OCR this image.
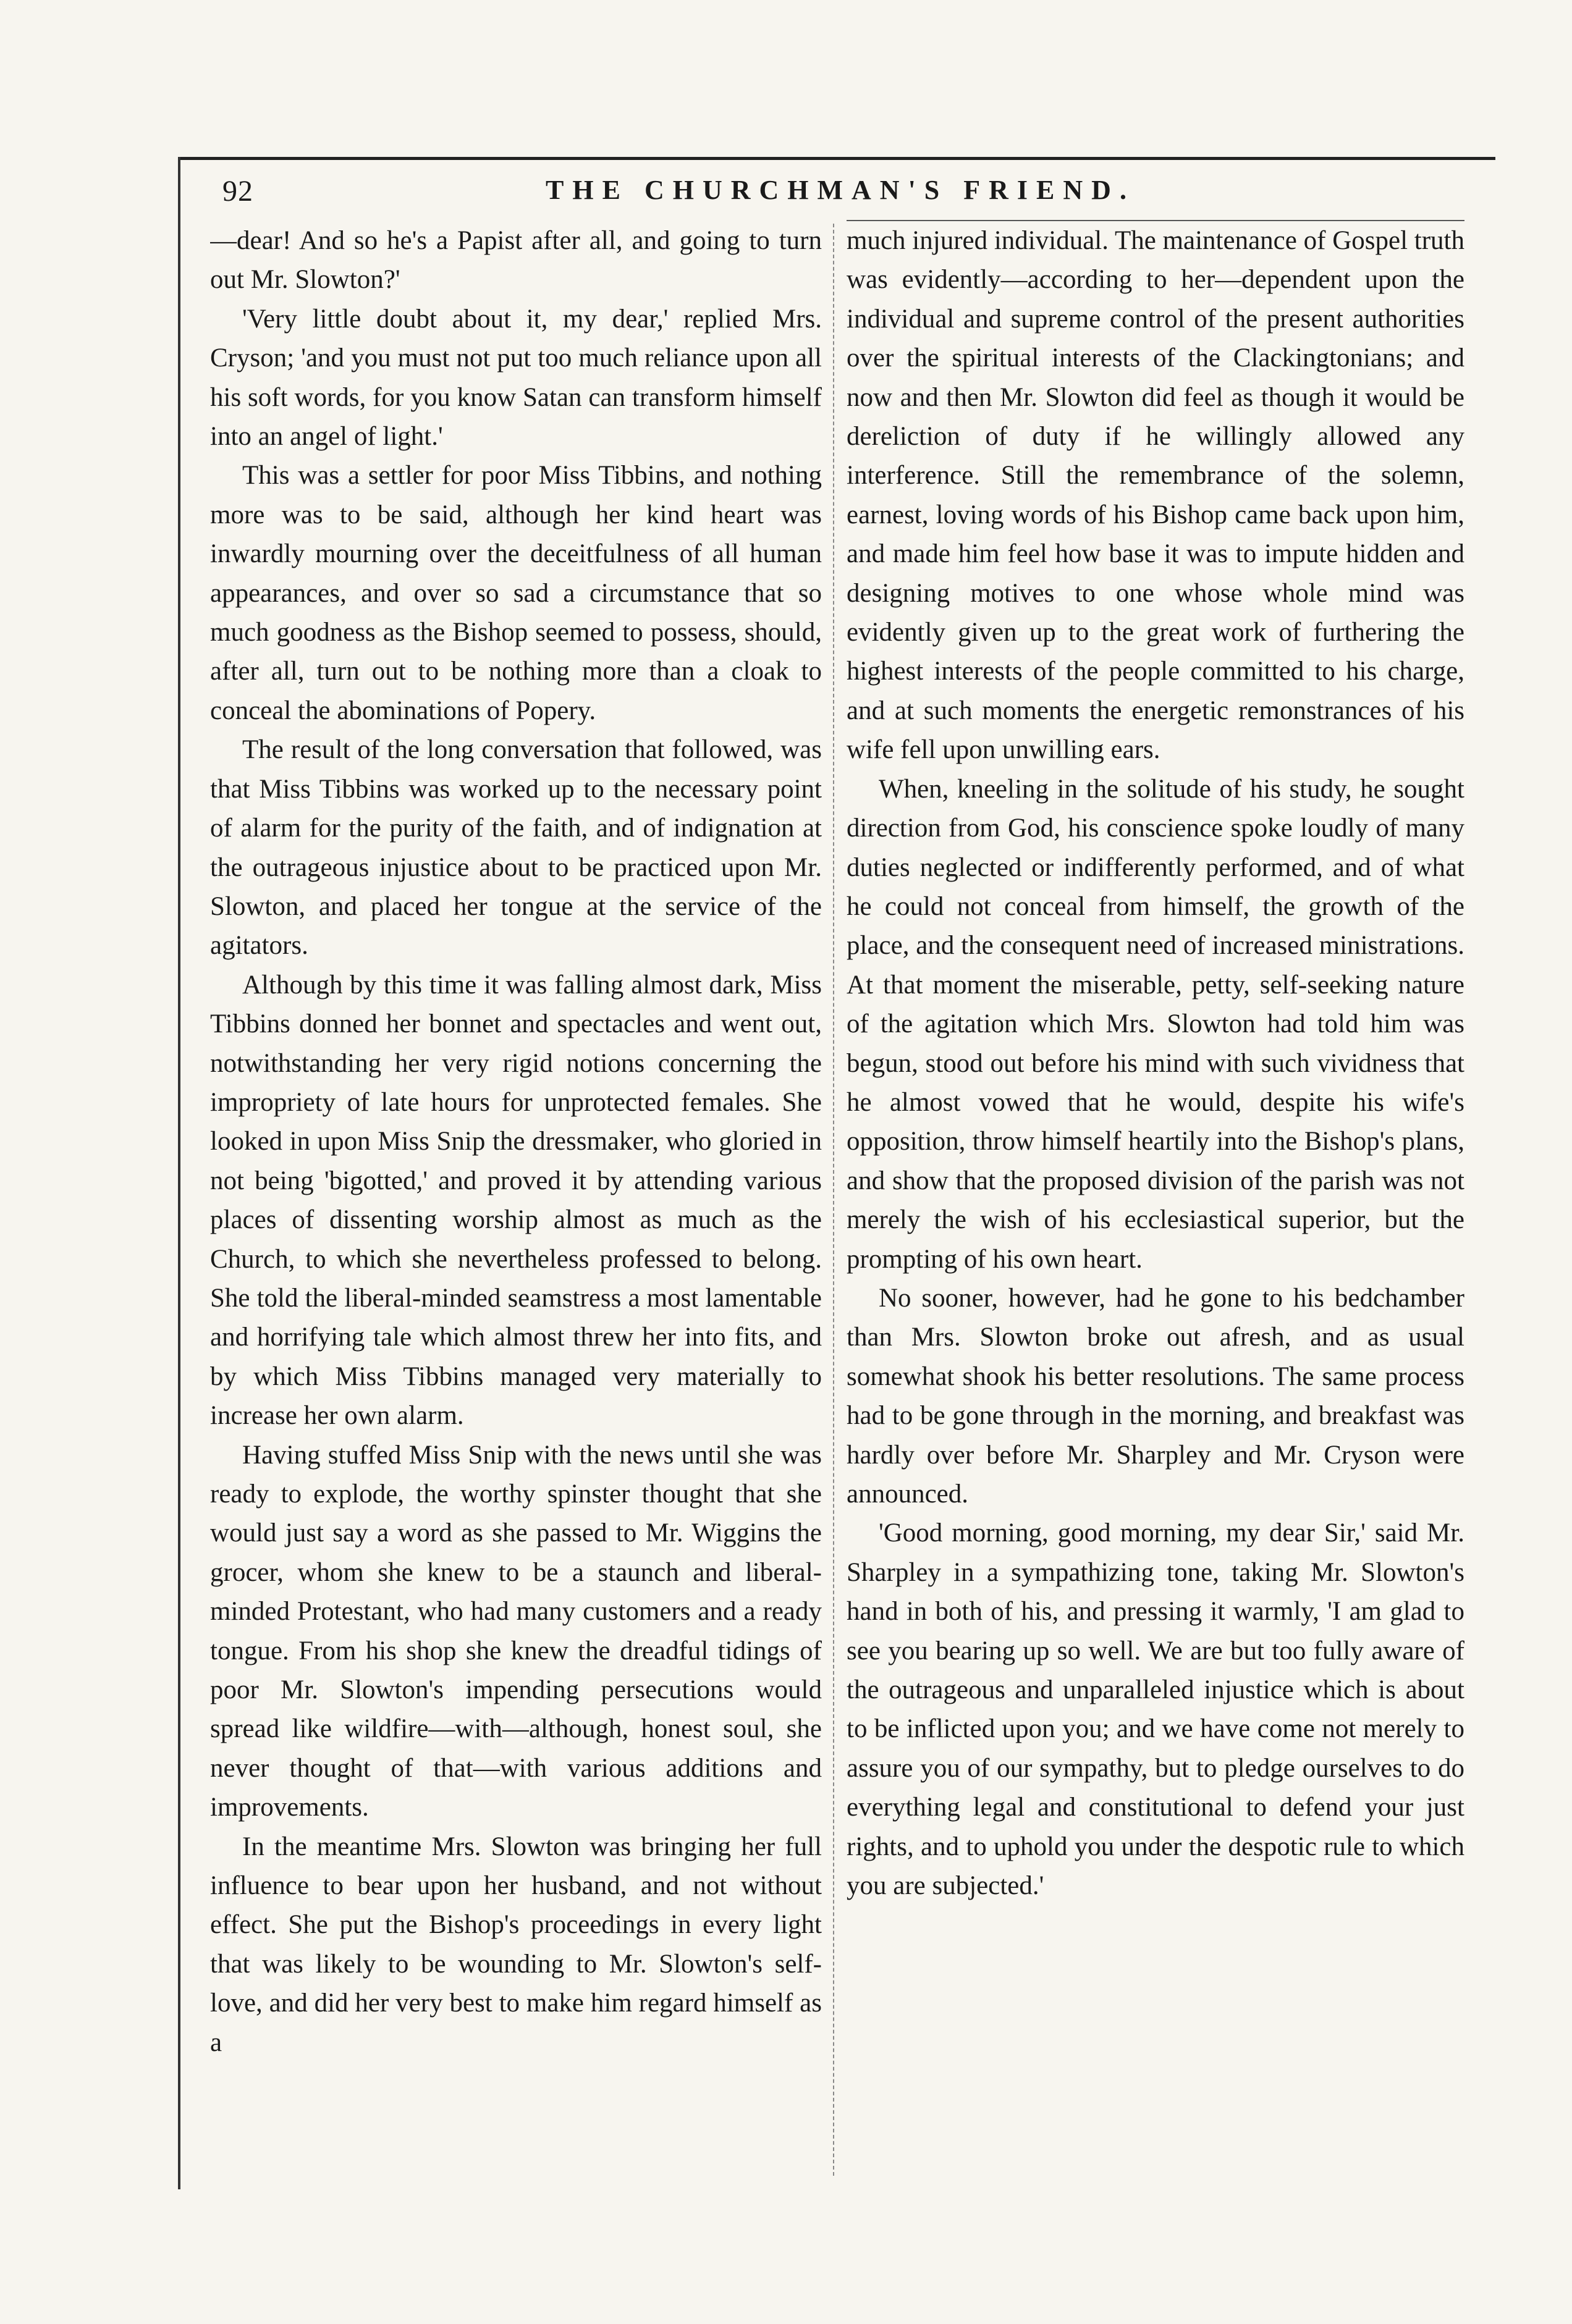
92	THE CHURCHMAN'S FRIEND.

—dear! And so he's a Papist after all, and going to turn out Mr. Slowton?'

'Very little doubt about it, my dear,' replied Mrs. Cryson; 'and you must not put too much reliance upon all his soft words, for you know Satan can transform himself into an angel of light.'

This was a settler for poor Miss Tibbins, and nothing more was to be said, although her kind heart was inwardly mourning over the deceitfulness of all human appearances, and over so sad a circumstance that so much goodness as the Bishop seemed to possess, should, after all, turn out to be nothing more than a cloak to conceal the abominations of Popery.

The result of the long conversation that followed, was that Miss Tibbins was worked up to the necessary point of alarm for the purity of the faith, and of indignation at the outrageous injustice about to be practiced upon Mr. Slowton, and placed her tongue at the service of the agitators.

Although by this time it was falling almost dark, Miss Tibbins donned her bonnet and spectacles and went out, notwithstanding her very rigid notions concerning the impropriety of late hours for unprotected females. She looked in upon Miss Snip the dressmaker, who gloried in not being 'bigotted,' and proved it by attending various places of dissenting worship almost as much as the Church, to which she nevertheless professed to belong. She told the liberal-minded seamstress a most lamentable and horrifying tale which almost threw her into fits, and by which Miss Tibbins managed very materially to increase her own alarm.

Having stuffed Miss Snip with the news until she was ready to explode, the worthy spinster thought that she would just say a word as she passed to Mr. Wiggins the grocer, whom she knew to be a staunch and liberal-minded Protestant, who had many customers and a ready tongue. From his shop she knew the dreadful tidings of poor Mr. Slowton's impending persecutions would spread like wildfire—with—although, honest soul, she never thought of that—with various additions and improvements.

In the meantime Mrs. Slowton was bringing her full influence to bear upon her husband, and not without effect. She put the Bishop's proceedings in every light that was likely to be wounding to Mr. Slowton's self-love, and did her very best to make him regard himself as a

much injured individual. The maintenance of Gospel truth was evidently—according to her—dependent upon the individual and supreme control of the present authorities over the spiritual interests of the Clackingtonians; and now and then Mr. Slowton did feel as though it would be dereliction of duty if he willingly allowed any interference. Still the remembrance of the solemn, earnest, loving words of his Bishop came back upon him, and made him feel how base it was to impute hidden and designing motives to one whose whole mind was evidently given up to the great work of furthering the highest interests of the people committed to his charge, and at such moments the energetic remonstrances of his wife fell upon unwilling ears.

When, kneeling in the solitude of his study, he sought direction from God, his conscience spoke loudly of many duties neglected or indifferently performed, and of what he could not conceal from himself, the growth of the place, and the consequent need of increased ministrations. At that moment the miserable, petty, self-seeking nature of the agitation which Mrs. Slowton had told him was begun, stood out before his mind with such vividness that he almost vowed that he would, despite his wife's opposition, throw himself heartily into the Bishop's plans, and show that the proposed division of the parish was not merely the wish of his ecclesiastical superior, but the prompting of his own heart.

No sooner, however, had he gone to his bedchamber than Mrs. Slowton broke out afresh, and as usual somewhat shook his better resolutions. The same process had to be gone through in the morning, and breakfast was hardly over before Mr. Sharpley and Mr. Cryson were announced.

'Good morning, good morning, my dear Sir,' said Mr. Sharpley in a sympathizing tone, taking Mr. Slowton's hand in both of his, and pressing it warmly, 'I am glad to see you bearing up so well. We are but too fully aware of the outrageous and unparalleled injustice which is about to be inflicted upon you; and we have come not merely to assure you of our sympathy, but to pledge ourselves to do everything legal and constitutional to defend your just rights, and to uphold you under the despotic rule to which you are subjected.'
